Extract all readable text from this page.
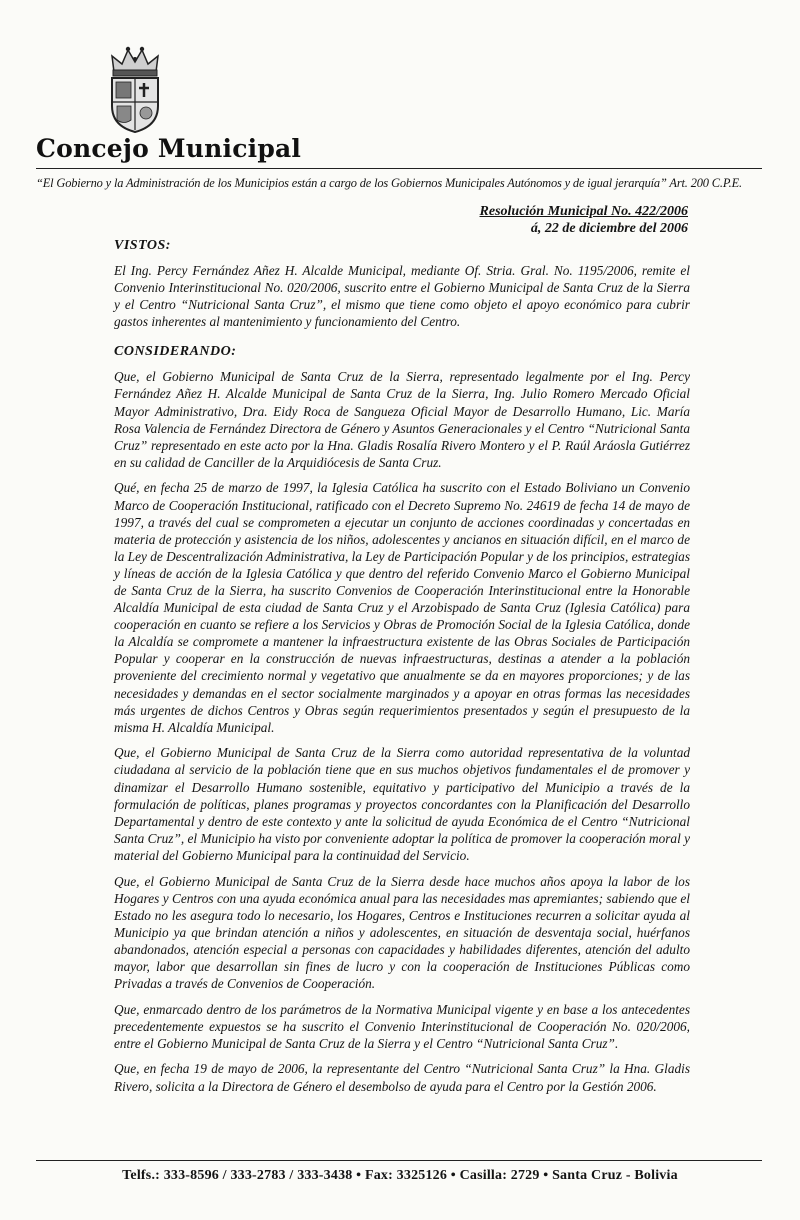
Concejo Municipal
“El Gobierno y la Administración de los Municipios están a cargo de los Gobiernos Municipales Autónomos y de igual jerarquía” Art. 200 C.P.E.
Resolución Municipal No. 422/2006
á, 22 de diciembre del 2006

VISTOS:

El Ing. Percy Fernández Añez H. Alcalde Municipal, mediante Of. Stria. Gral. No. 1195/2006, remite el Convenio Interinstitucional No. 020/2006, suscrito entre el Gobierno Municipal de Santa Cruz de la Sierra y el Centro “Nutricional Santa Cruz”, el mismo que tiene como objeto el apoyo económico para cubrir gastos inherentes al mantenimiento y funcionamiento del Centro.

CONSIDERANDO:

Que, el Gobierno Municipal de Santa Cruz de la Sierra, representado legalmente por el Ing. Percy Fernández Añez H. Alcalde Municipal de Santa Cruz de la Sierra, Ing. Julio Romero Mercado Oficial Mayor Administrativo, Dra. Eidy Roca de Sangueza Oficial Mayor de Desarrollo Humano, Lic. María Rosa Valencia de Fernández Directora de Género y Asuntos Generacionales y el Centro “Nutricional Santa Cruz” representado en este acto por la Hna. Gladis Rosalía Rivero Montero y el P. Raúl Aráosla Gutiérrez en su calidad de Canciller de la Arquidiócesis de Santa Cruz.

Qué, en fecha 25 de marzo de 1997, la Iglesia Católica ha suscrito con el Estado Boliviano un Convenio Marco de Cooperación Institucional, ratificado con el Decreto Supremo No. 24619 de fecha 14 de mayo de 1997, a través del cual se comprometen a ejecutar un conjunto de acciones coordinadas y concertadas en materia de protección y asistencia de los niños, adolescentes y ancianos en situación difícil, en el marco de la Ley de Descentralización Administrativa, la Ley de Participación Popular y de los principios, estrategias y líneas de acción de la Iglesia Católica y que dentro del referido Convenio Marco el Gobierno Municipal de Santa Cruz de la Sierra, ha suscrito Convenios de Cooperación Interinstitucional entre la Honorable Alcaldía Municipal de esta ciudad de Santa Cruz y el Arzobispado de Santa Cruz (Iglesia Católica) para cooperación en cuanto se refiere a los Servicios y Obras de Promoción Social de la Iglesia Católica, donde la Alcaldía se compromete a mantener la infraestructura existente de las Obras Sociales de Participación Popular y cooperar en la construcción de nuevas infraestructuras, destinas a atender a la población proveniente del crecimiento normal y vegetativo que anualmente se da en mayores proporciones; y de las necesidades y demandas en el sector socialmente marginados y a apoyar en otras formas las necesidades más urgentes de dichos Centros y Obras según requerimientos presentados y según el presupuesto de la misma H. Alcaldía Municipal.

Que, el Gobierno Municipal de Santa Cruz de la Sierra como autoridad representativa de la voluntad ciudadana al servicio de la población tiene que en sus muchos objetivos fundamentales el de promover y dinamizar el Desarrollo Humano sostenible, equitativo y participativo del Municipio a través de la formulación de políticas, planes programas y proyectos concordantes con la Planificación del Desarrollo Departamental y dentro de este contexto y ante la solicitud de ayuda Económica de el Centro “Nutricional Santa Cruz”, el Municipio ha visto por conveniente adoptar la política de promover la cooperación moral y material del Gobierno Municipal para la continuidad del Servicio.

Que, el Gobierno Municipal de Santa Cruz de la Sierra desde hace muchos años apoya la labor de los Hogares y Centros con una ayuda económica anual para las necesidades mas apremiantes; sabiendo que el Estado no les asegura todo lo necesario, los Hogares, Centros e Instituciones recurren a solicitar ayuda al Municipio ya que brindan atención a niños y adolescentes, en situación de desventaja social, huérfanos abandonados, atención especial a personas con capacidades y habilidades diferentes, atención del adulto mayor, labor que desarrollan sin fines de lucro y con la cooperación de Instituciones Públicas como Privadas a través de Convenios de Cooperación.

Que, enmarcado dentro de los parámetros de la Normativa Municipal vigente y en base a los antecedentes precedentemente expuestos se ha suscrito el Convenio Interinstitucional de Cooperación No. 020/2006, entre el Gobierno Municipal de Santa Cruz de la Sierra y el Centro “Nutricional Santa Cruz”.

Que, en fecha 19 de mayo de 2006, la representante del Centro “Nutricional Santa Cruz” la Hna. Gladis Rivero, solicita a la Directora de Género el desembolso de ayuda para el Centro por la Gestión 2006.

Telfs.: 333-8596 / 333-2783 / 333-3438 • Fax: 3325126 • Casilla: 2729 • Santa Cruz - Bolivia
